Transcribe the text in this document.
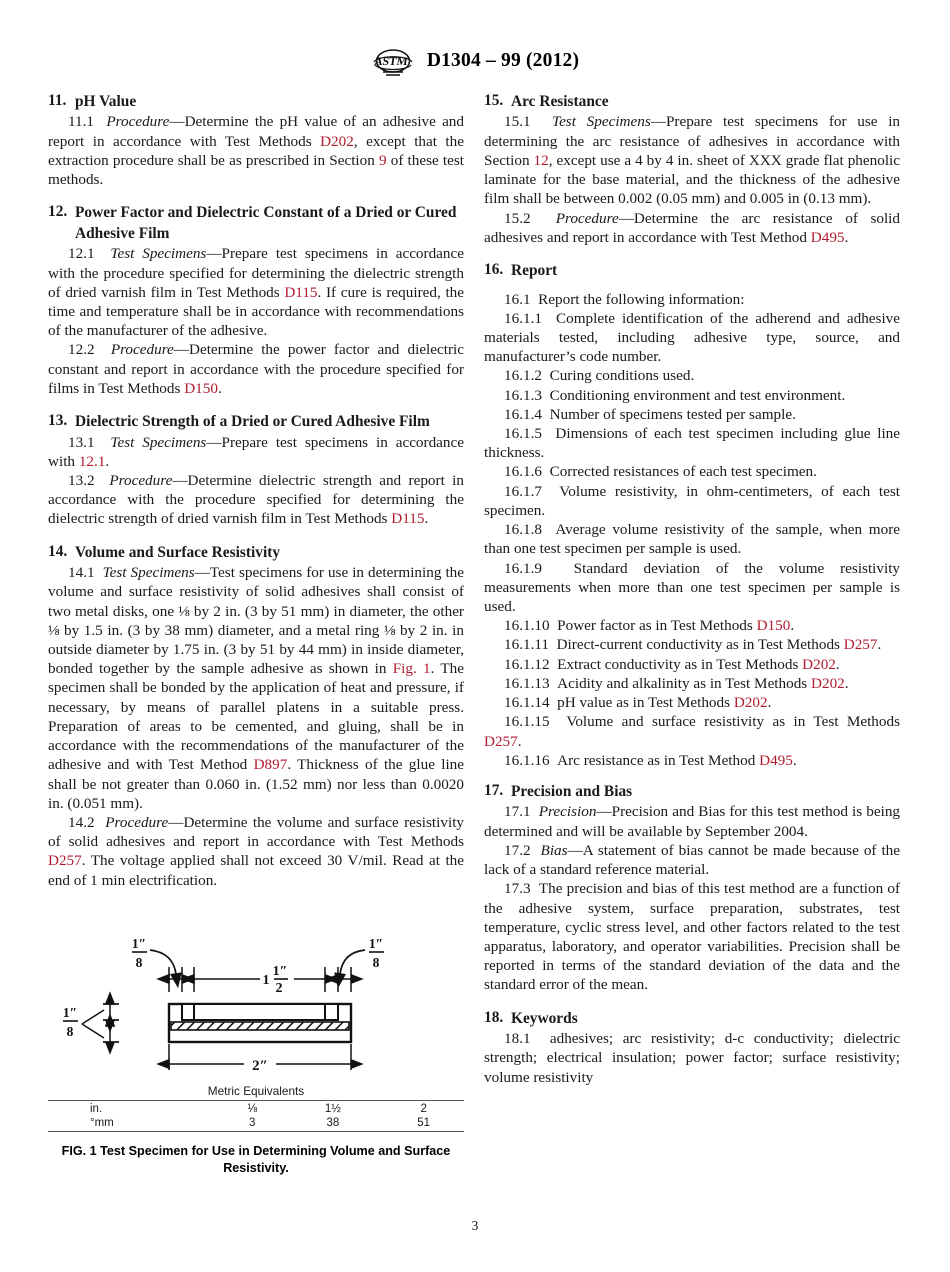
ASTM D1304 – 99 (2012)
11. pH Value

11.1 Procedure—Determine the pH value of an adhesive and report in accordance with Test Methods D202, except that the extraction procedure shall be as prescribed in Section 9 of these test methods.

12. Power Factor and Dielectric Constant of a Dried or Cured Adhesive Film

12.1 Test Specimens—Prepare test specimens in accordance with the procedure specified for determining the dielectric strength of dried varnish film in Test Methods D115. If cure is required, the time and temperature shall be in accordance with recommendations of the manufacturer of the adhesive.

12.2 Procedure—Determine the power factor and dielectric constant and report in accordance with the procedure specified for films in Test Methods D150.

13. Dielectric Strength of a Dried or Cured Adhesive Film

13.1 Test Specimens—Prepare test specimens in accordance with 12.1.

13.2 Procedure—Determine dielectric strength and report in accordance with the procedure specified for determining the dielectric strength of dried varnish film in Test Methods D115.

14. Volume and Surface Resistivity

14.1 Test Specimens—Test specimens for use in determining the volume and surface resistivity of solid adhesives shall consist of two metal disks, one ⅛ by 2 in. (3 by 51 mm) in diameter, the other ⅛ by 1.5 in. (3 by 38 mm) diameter, and a metal ring ⅛ by 2 in. in outside diameter by 1.75 in. (3 by 51 by 44 mm) in inside diameter, bonded together by the sample adhesive as shown in Fig. 1. The specimen shall be bonded by the application of heat and pressure, if necessary, by means of parallel platens in a suitable press. Preparation of areas to be cemented, and gluing, shall be in accordance with the recommendations of the manufacturer of the adhesive and with Test Method D897. Thickness of the glue line shall be not greater than 0.060 in. (1.52 mm) nor less than 0.0020 in. (0.051 mm).

14.2 Procedure—Determine the volume and surface resistivity of solid adhesives and report in accordance with Test Methods D257. The voltage applied shall not exceed 30 V/mil. Read at the end of 1 min electrification.

1″
8
1″
8
1
1″
2
1″
8
2″
Metric Equivalents

in.	⅛	1½	2
°mm	3	38	51
FIG. 1 Test Specimen for Use in Determining Volume and Surface
Resistivity.
15. Arc Resistance

15.1 Test Specimens—Prepare test specimens for use in determining the arc resistance of adhesives in accordance with Section 12, except use a 4 by 4 in. sheet of XXX grade flat phenolic laminate for the base material, and the thickness of the adhesive film shall be between 0.002 (0.05 mm) and 0.005 in (0.13 mm).

15.2 Procedure—Determine the arc resistance of solid adhesives and report in accordance with Test Method D495.

16. Report

16.1 Report the following information:

16.1.1 Complete identification of the adherend and adhesive materials tested, including adhesive type, source, and manufacturer’s code number.

16.1.2 Curing conditions used.

16.1.3 Conditioning environment and test environment.

16.1.4 Number of specimens tested per sample.

16.1.5 Dimensions of each test specimen including glue line thickness.

16.1.6 Corrected resistances of each test specimen.

16.1.7 Volume resistivity, in ohm-centimeters, of each test specimen.

16.1.8 Average volume resistivity of the sample, when more than one test specimen per sample is used.

16.1.9 Standard deviation of the volume resistivity measurements when more than one test specimen per sample is used.

16.1.10 Power factor as in Test Methods D150.

16.1.11 Direct-current conductivity as in Test Methods D257.

16.1.12 Extract conductivity as in Test Methods D202.

16.1.13 Acidity and alkalinity as in Test Methods D202.

16.1.14 pH value as in Test Methods D202.

16.1.15 Volume and surface resistivity as in Test Methods D257.

16.1.16 Arc resistance as in Test Method D495.

17. Precision and Bias

17.1 Precision—Precision and Bias for this test method is being determined and will be available by September 2004.

17.2 Bias—A statement of bias cannot be made because of the lack of a standard reference material.

17.3 The precision and bias of this test method are a function of the adhesive system, surface preparation, substrates, test temperature, cyclic stress level, and other factors related to the test apparatus, laboratory, and operator variabilities. Precision shall be reported in terms of the standard deviation of the data and the standard error of the mean.

18. Keywords

18.1 adhesives; arc resistivity; d-c conductivity; dielectric strength; electrical insulation; power factor; surface resistivity; volume resistivity

3
